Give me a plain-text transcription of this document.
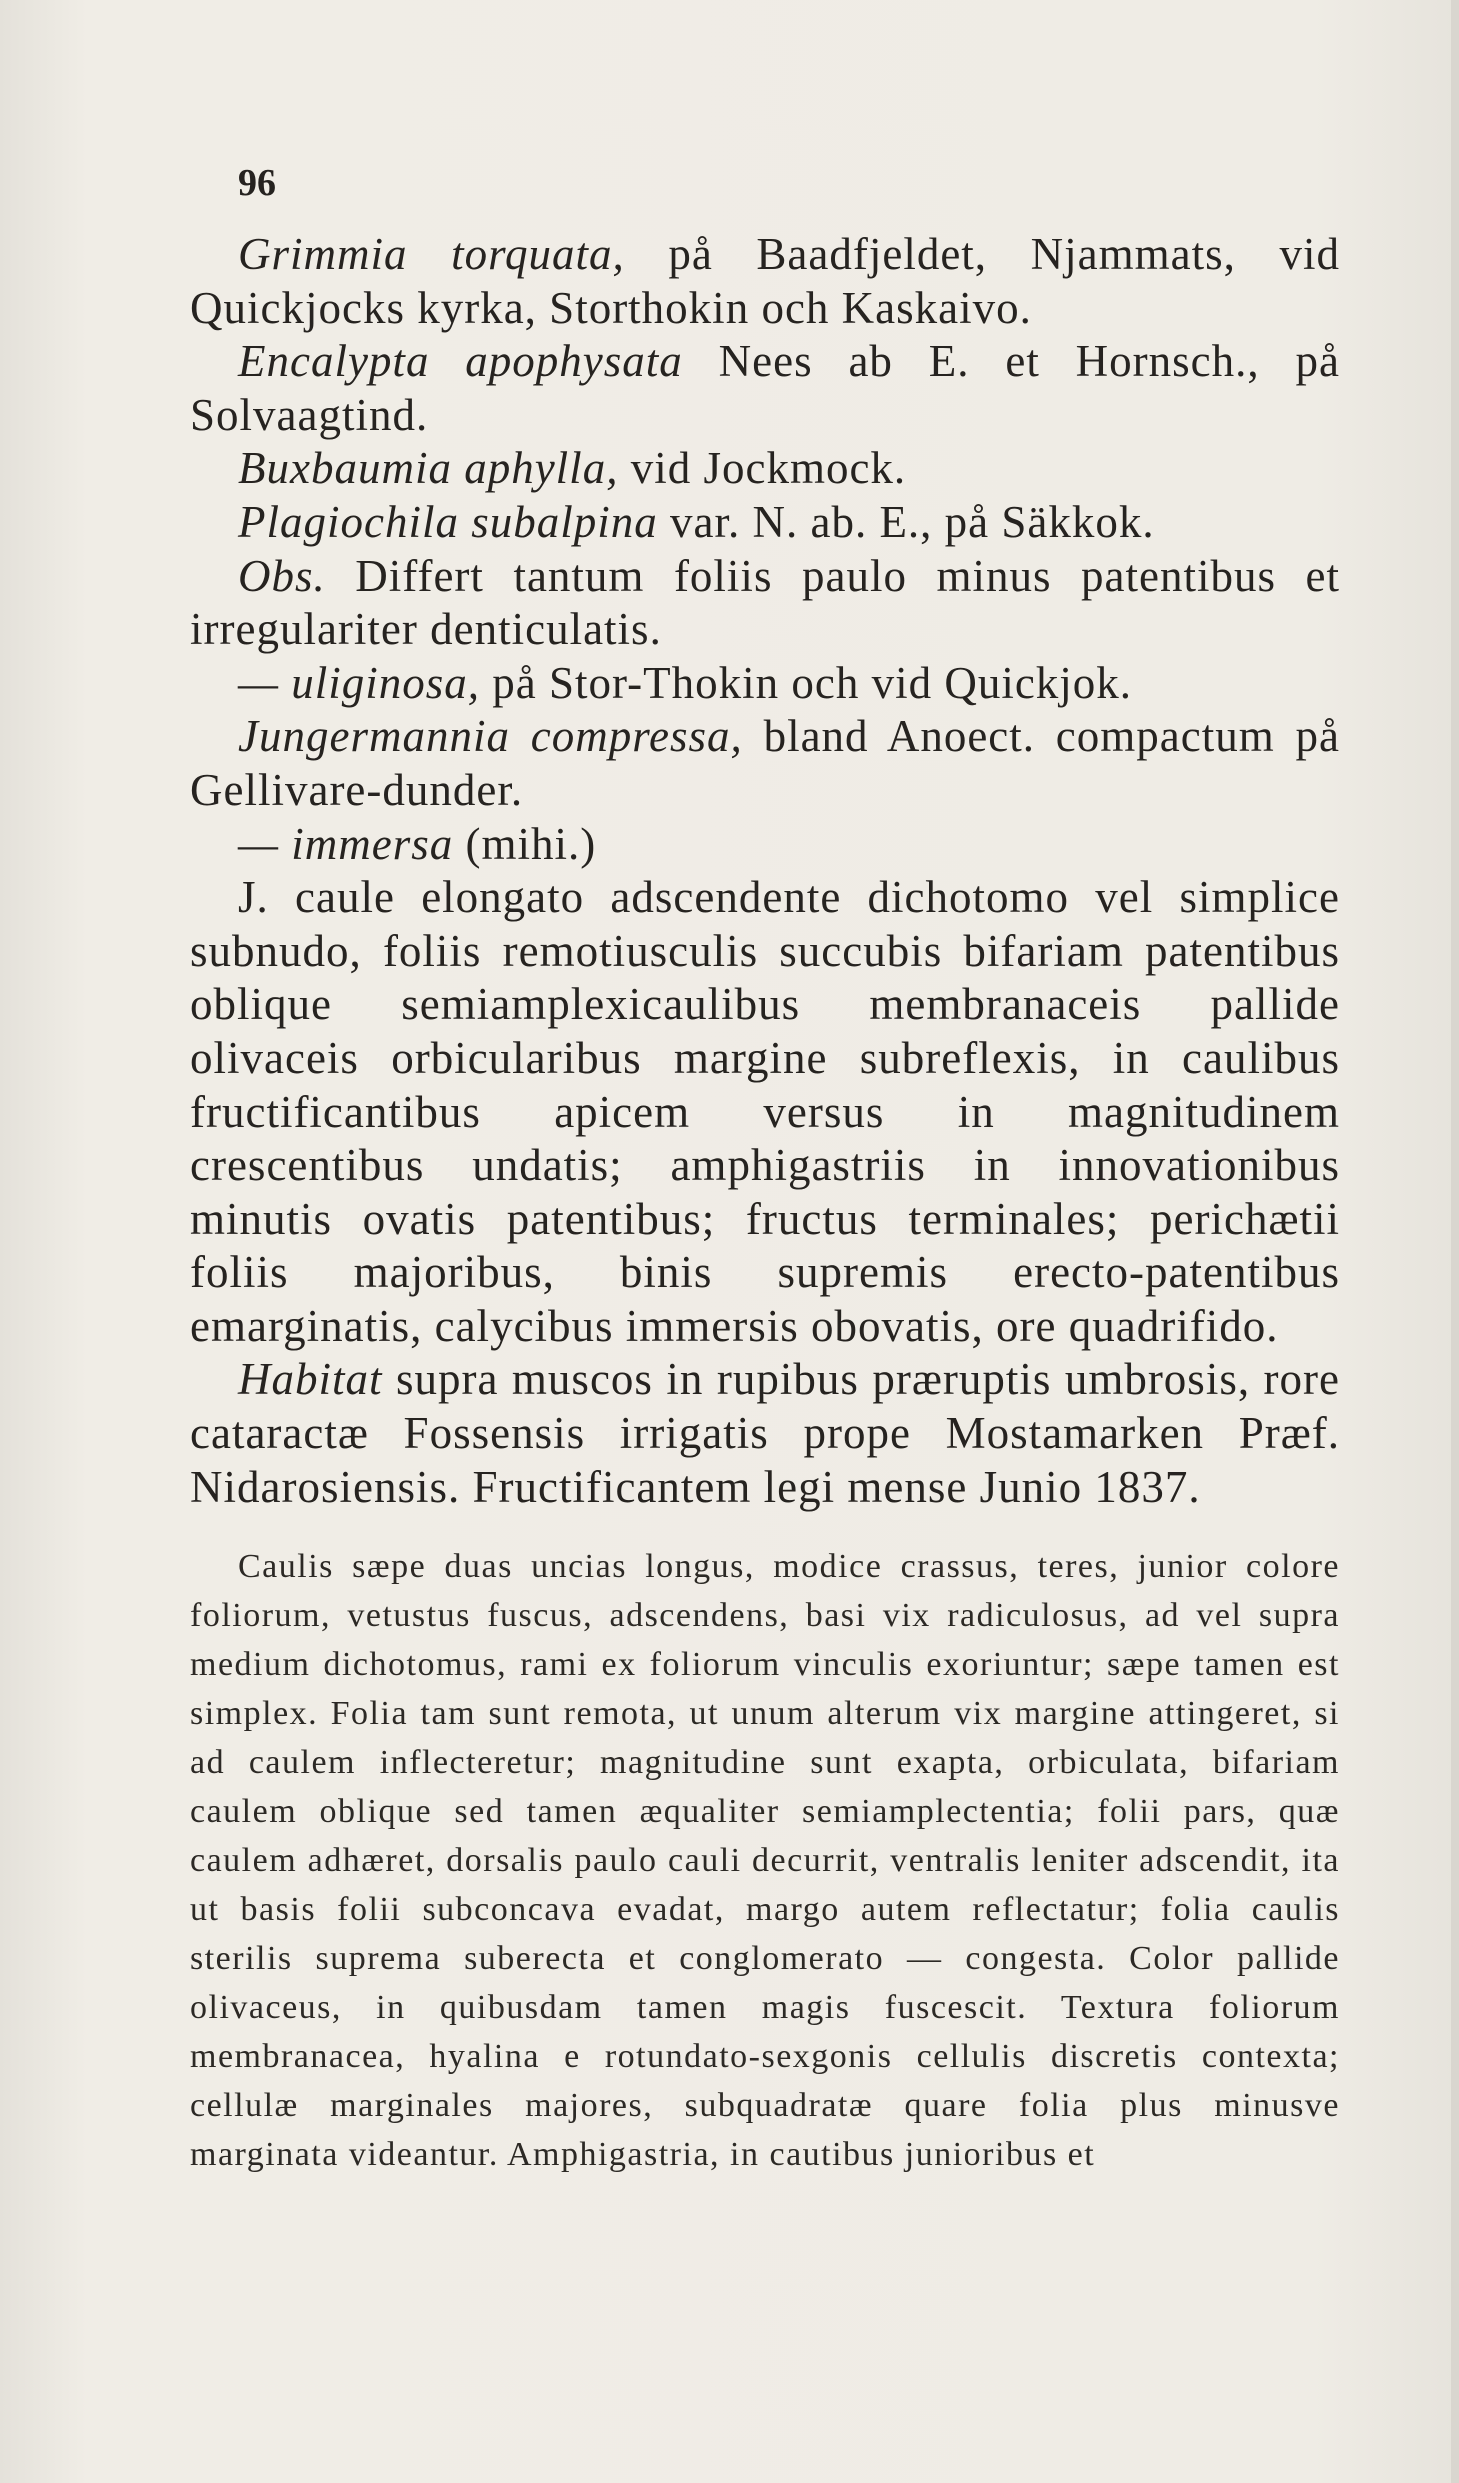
96

Grimmia torquata, på Baadfjeldet, Njammats, vid Quickjocks kyrka, Storthokin och Kaskaivo.

Encalypta apophysata Nees ab E. et Hornsch., på Solvaagtind.

Buxbaumia aphylla, vid Jockmock.

Plagiochila subalpina var. N. ab. E., på Säkkok.

Obs. Differt tantum foliis paulo minus patentibus et irregulariter denticulatis.

— uliginosa, på Stor-Thokin och vid Quickjok.

Jungermannia compressa, bland Anoect. compactum på Gellivare-dunder.

— immersa (mihi.)

J. caule elongato adscendente dichotomo vel simplice subnudo, foliis remotiusculis succubis bifariam patentibus oblique semiamplexicaulibus membranaceis pallide olivaceis orbicularibus margine subreflexis, in caulibus fructificantibus apicem versus in magnitudinem crescentibus undatis; amphigastriis in innovationibus minutis ovatis patentibus; fructus terminales; perichætii foliis majoribus, binis supremis erecto-patentibus emarginatis, calycibus immersis obovatis, ore quadrifido.

Habitat supra muscos in rupibus præruptis umbrosis, rore cataractæ Fossensis irrigatis prope Mostamarken Præf. Nidarosiensis. Fructificantem legi mense Junio 1837.

Caulis sæpe duas uncias longus, modice crassus, teres, junior colore foliorum, vetustus fuscus, adscendens, basi vix radiculosus, ad vel supra medium dichotomus, rami ex foliorum vinculis exoriuntur; sæpe tamen est simplex. Folia tam sunt remota, ut unum alterum vix margine attingeret, si ad caulem inflecteretur; magnitudine sunt exapta, orbiculata, bifariam caulem oblique sed tamen æqualiter semiamplectentia; folii pars, quæ caulem adhæret, dorsalis paulo cauli decurrit, ventralis leniter adscendit, ita ut basis folii subconcava evadat, margo autem reflectatur; folia caulis sterilis suprema suberecta et conglomerato — congesta. Color pallide olivaceus, in quibusdam tamen magis fuscescit. Textura foliorum membranacea, hyalina e rotundato-sexgonis cellulis discretis contexta; cellulæ marginales majores, subquadratæ quare folia plus minusve marginata videantur. Amphigastria, in cautibus junioribus et
